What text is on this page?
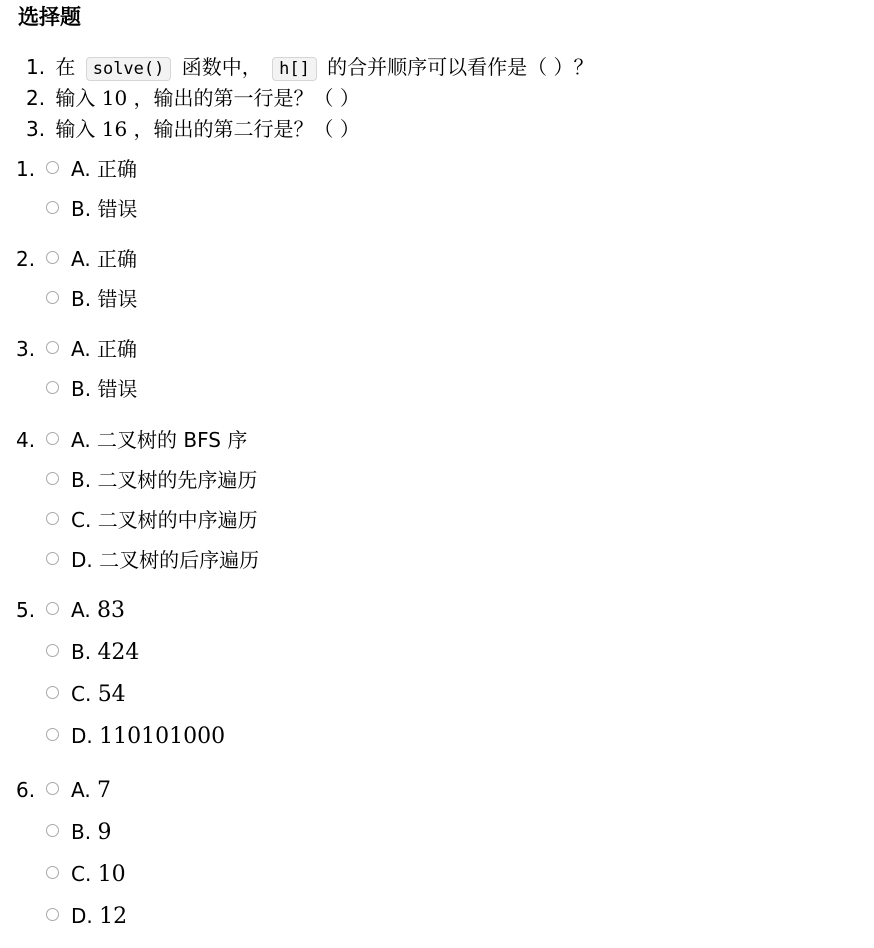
选择题
1. 在 solve() 函数中， h[] 的合并顺序可以看作是（ ）？
2. 输入 10 ，输出的第一行是？（ ）
3. 输入 16 ，输出的第二行是？（ ）
1. A. 正确
B. 错误
2. A. 正确
B. 错误
3. A. 正确
B. 错误
4. A. 二叉树的 BFS 序
B. 二叉树的先序遍历
C. 二叉树的中序遍历
D. 二叉树的后序遍历
5. A. 83
B. 424
C. 54
D. 110101000
6. A. 7
B. 9
C. 10
D. 12
